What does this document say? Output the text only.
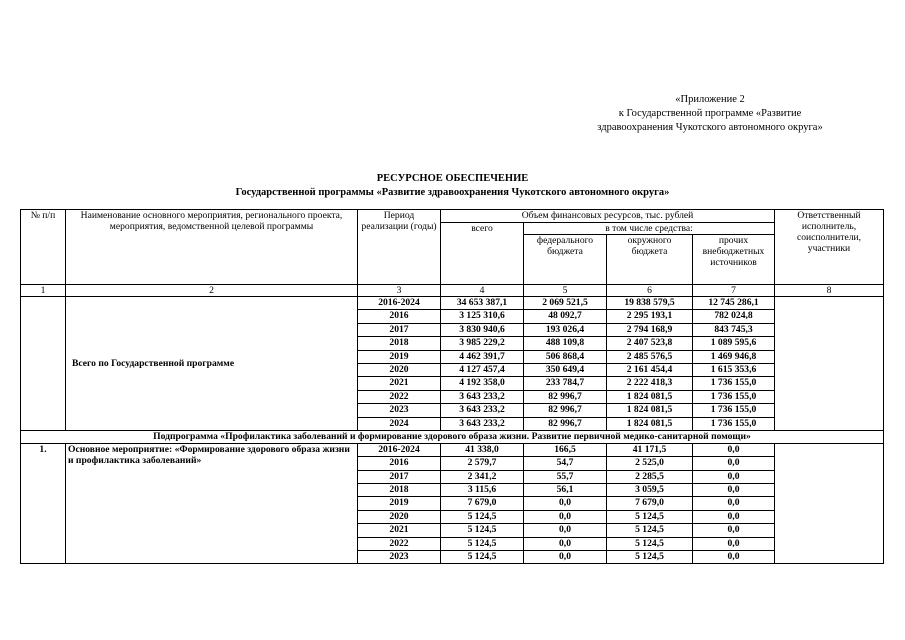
«Приложение 2
к Государственной программе «Развитие
здравоохранения Чукотского автономного округа»
РЕСУРСНОЕ ОБЕСПЕЧЕНИЕ
Государственной программы «Развитие здравоохранения Чукотского автономного округа»
№ п/п	Наименование основного мероприятия, регионального проекта, мероприятия, ведомственной целевой программы	Период реализации (годы)	Объем финансовых ресурсов, тыс. рублей				Ответственный исполнитель, соисполнители, участники
			всего	в том числе средства:			
				федерального бюджета	окружного бюджета	прочих внебюджетных источников	
1	2	3	4	5	6	7	8
	Всего по Государственной программе	2016-2024	34 653 387,1	2 069 521,5	19 838 579,5	12 745 286,1	
		2016	3 125 310,6	48 092,7	2 295 193,1	782 024,8	
		2017	3 830 940,6	193 026,4	2 794 168,9	843 745,3	
		2018	3 985 229,2	488 109,8	2 407 523,8	1 089 595,6	
		2019	4 462 391,7	506 868,4	2 485 576,5	1 469 946,8	
		2020	4 127 457,4	350 649,4	2 161 454,4	1 615 353,6	
		2021	4 192 358,0	233 784,7	2 222 418,3	1 736 155,0	
		2022	3 643 233,2	82 996,7	1 824 081,5	1 736 155,0	
		2023	3 643 233,2	82 996,7	1 824 081,5	1 736 155,0	
		2024	3 643 233,2	82 996,7	1 824 081,5	1 736 155,0	
Подпрограмма «Профилактика заболеваний и формирование здорового образа жизни. Развитие первичной медико-санитарной помощи»							
1.	Основное мероприятие: «Формирование здорового образа жизни и профилактика заболеваний»	2016-2024	41 338,0	166,5	41 171,5	0,0	
		2016	2 579,7	54,7	2 525,0	0,0	
		2017	2 341,2	55,7	2 285,5	0,0	
		2018	3 115,6	56,1	3 059,5	0,0	
		2019	7 679,0	0,0	7 679,0	0,0	
		2020	5 124,5	0,0	5 124,5	0,0	
		2021	5 124,5	0,0	5 124,5	0,0	
		2022	5 124,5	0,0	5 124,5	0,0	
		2023	5 124,5	0,0	5 124,5	0,0	
